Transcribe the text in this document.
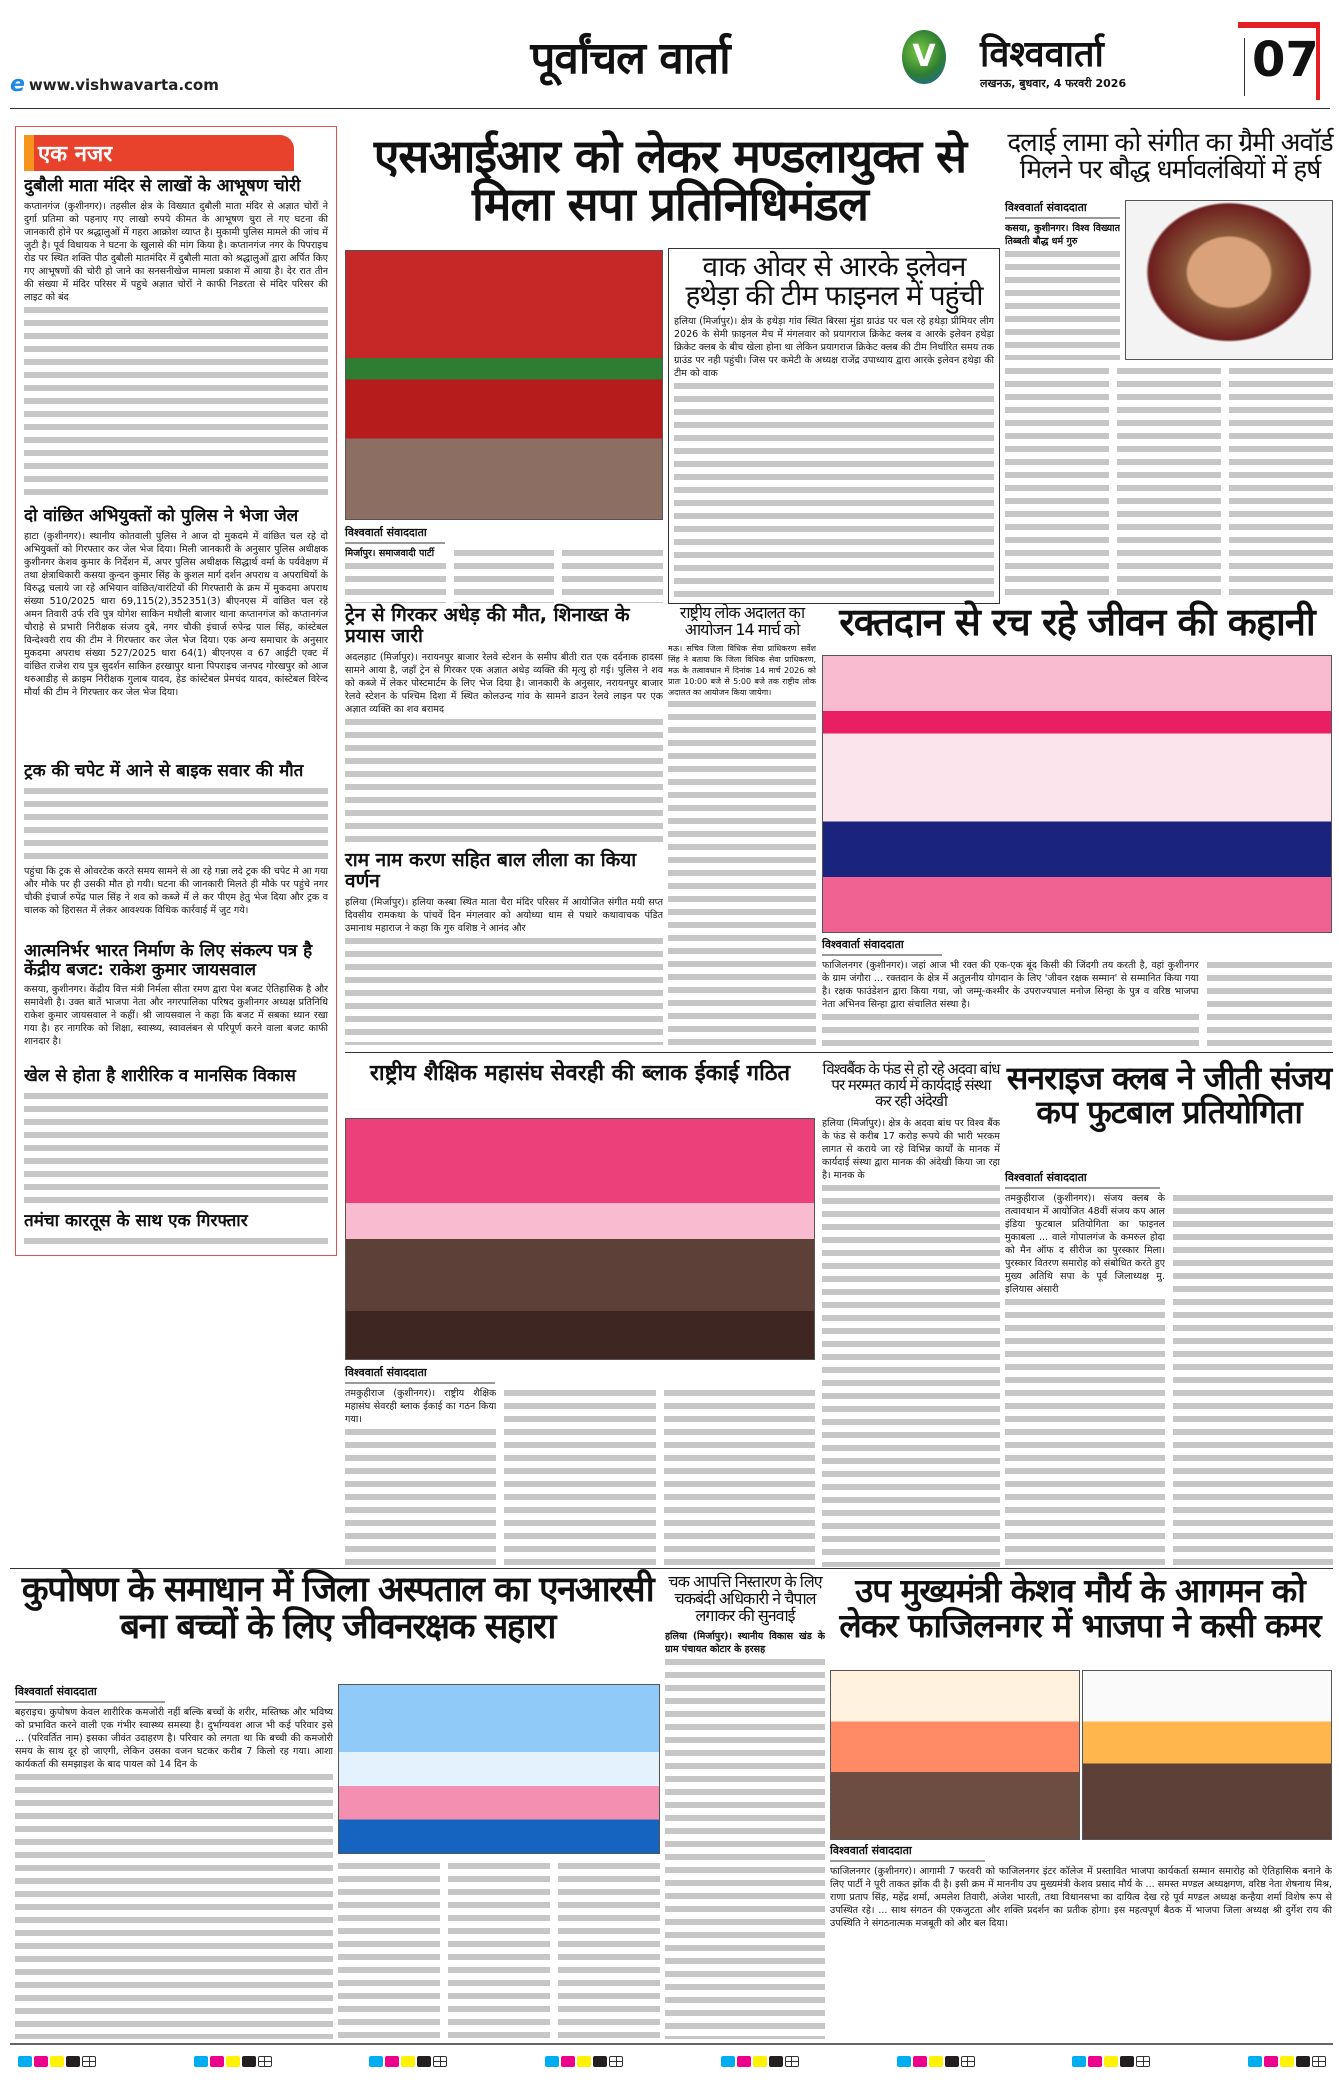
e www.vishwavarta.com
पूर्वांचल वार्ता	V विश्ववार्ता
लखनऊ, बुधवार, 4 फरवरी 2026	07
एक नजर
दुबौली माता मंदिर से लाखों के आभूषण चोरी
कप्तानगंज (कुशीनगर)। तहसील क्षेत्र के विख्यात दुबौली माता मंदिर से अज्ञात चोरों ने दुर्गा प्रतिमा को पहनाए गए लाखो रुपये कीमत के आभूषण चुरा ले गए घटना की जानकारी होने पर श्रद्धालुओं में गहरा आक्रोश व्याप्त है। मुकामी पुलिस मामले की जांच में जुटी है। पूर्व विधायक ने घटना के खुलासे की मांग किया है। कप्तानगंज नगर के पिपराइच रोड पर स्थित शक्ति पीठ दुबौली मातमंदिर में दुबौली माता को श्रद्धालुओं द्वारा अर्पित किए गए आभूषणों की चोरी हो जाने का सनसनीखेज मामला प्रकाश में आया है। देर रात तीन की संख्या में मंदिर परिसर में पहुचे अज्ञात चोरों ने काफी निडरता से मंदिर परिसर की लाइट को बंद
दो वांछित अभियुक्तों को पुलिस ने भेजा जेल
हाटा (कुशीनगर)। स्थानीय कोतवाली पुलिस ने आज दो मुकदमे में वांछित चल रहे दो अभियुक्तों को गिरफ्तार कर जेल भेज दिया। मिली जानकारी के अनुसार पुलिस अधीक्षक कुशीनगर केशव कुमार के निर्देशन में, अपर पुलिस अधीक्षक सिद्धार्थ वर्मा के पर्यवेक्षण में तथा क्षेत्राधिकारी कसया कुन्दन कुमार सिंह के कुशल मार्ग दर्शन अपराध व अपराधियों के विरुद्ध चलाये जा रहे अभियान वांछित/वारंटियों की गिरफ्तारी के क्रम में मुकदमा अपराध संख्या 510/2025 धारा 69,115(2),352351(3) बीएनएस में वांछित चल रहे अमन तिवारी उर्फ रवि पुत्र योगेश साकिन मथौली बाजार थाना कप्तानगंज को कप्तानगंज चौराहे से प्रभारी निरीक्षक संजय दुबे, नगर चौकी इंचार्ज रुपेन्द्र पाल सिंह, कांस्टेबल विन्देश्वरी राय की टीम ने गिरफ्तार कर जेल भेज दिया। एक अन्य समाचार के अनुसार मुकदमा अपराध संख्या 527/2025 धारा 64(1) बीएनएस व 67 आईटी एक्ट में वांछित राजेश राय पुत्र सुदर्शन साकिन हरखापुर थाना पिपराइच जनपद गोरखपुर को आज थरुआडीह से क्राइम निरीक्षक गुलाब यादव, हेड कांस्टेबल प्रेमचंद यादव, कांस्टेबल विरेन्द मौर्या की टीम ने गिरफ्तार कर जेल भेज दिया।
ट्रक की चपेट में आने से बाइक सवार की मौत
पहुंचा कि ट्रक से ओवरटेक करते समय सामने से आ रहे गन्ना लदे ट्रक की चपेट मे आ गया और मौके पर ही उसकी मौत हो गयी। घटना की जानकारी मिलते ही मौके पर पहुंचे नगर चौकी इंचार्ज रुपेंद्र पाल सिंह ने शव को कब्जे में ले कर पीएम हेतु भेज दिया और ट्रक व चालक को हिरासत में लेकर आवश्यक विधिक कार्रवाई में जुट गये।
आत्मनिर्भर भारत निर्माण के लिए संकल्प पत्र है केंद्रीय बजट: राकेश कुमार जायसवाल
कसया, कुशीनगर। केंद्रीय वित्त मंत्री निर्मला सीता रमण द्वारा पेश बजट ऐतिहासिक है और समावेशी है। उक्त बातें भाजपा नेता और नगरपालिका परिषद कुशीनगर अध्यक्ष प्रतिनिधि राकेश कुमार जायसवाल ने कहीं। श्री जायसवाल ने कहा कि बजट में सबका ध्यान रखा गया है। हर नागरिक को शिक्षा, स्वास्थ्य, स्वावलंबन से परिपूर्ण करने वाला बजट काफी शानदार है।
खेल से होता है शारीरिक व मानसिक विकास
तमंचा कारतूस के साथ एक गिरफ्तार
एसआईआर को लेकर मण्डलायुक्त से मिला सपा प्रतिनिधिमंडल
विश्ववार्ता संवाददाता
मिर्जापुर। समाजवादी पार्टी
वाक ओवर से आरके इलेवन हथेड़ा की टीम फाइनल में पहुंची
हलिया (मिर्जापुर)। क्षेत्र के हथेड़ा गांव स्थित बिरसा मुंडा ग्राउंड पर चल रहे हथेड़ा प्रीमियर लीग 2026 के सेमी फ़ाइनल मैच में मंगलवार को प्रयागराज क्रिकेट क्लब व आरके इलेवन हथेड़ा क्रिकेट क्लब के बीच खेला होना था लेकिन प्रयागराज क्रिकेट क्लब की टीम निर्धारित समय तक ग्राउंड पर नही पहुंची। जिस पर कमेटी के अध्यक्ष राजेंद्र उपाध्याय द्वारा आरके इलेवन हथेड़ा की टीम को वाक
दलाई लामा को संगीत का ग्रैमी अवॉर्ड मिलने पर बौद्ध धर्मावलंबियों में हर्ष
विश्ववार्ता संवाददाता
कसया, कुशीनगर। विश्व विख्यात तिब्बती बौद्ध धर्म गुरु
ट्रेन से गिरकर अधेड़ की मौत, शिनाख्त के प्रयास जारी
अदलहाट (मिर्जापुर)। नरायनपुर बाजार रेलवे स्टेशन के समीप बीती रात एक दर्दनाक हादसा सामने आया है, जहाँ ट्रेन से गिरकर एक अज्ञात अधेड़ व्यक्ति की मृत्यु हो गई। पुलिस ने शव को कब्जे में लेकर पोस्टमार्टम के लिए भेज दिया है। जानकारी के अनुसार, नरायनपुर बाजार रेलवे स्टेशन के पश्चिम दिशा में स्थित कोलउन्द गांव के सामने डाउन रेलवे लाइन पर एक अज्ञात व्यक्ति का शव बरामद
राम नाम करण सहित बाल लीला का किया वर्णन
हलिया (मिर्जापुर)। हलिया कस्बा स्थित माता चैरा मंदिर परिसर में आयोजित संगीत मयी सप्त दिवसीय रामकथा के पांचवें दिन मंगलवार को अयोध्या धाम से पधारे कथावाचक पंडित उमानाथ महाराज ने कहा कि गुरु वशिष्ठ ने आनंद और
राष्ट्रीय लोक अदालत का आयोजन 14 मार्च को
मऊ। सचिव जिला विधिक सेवा प्राधिकरण सर्वेश सिंह ने बताया कि जिला विधिक सेवा प्राधिकरण, मऊ के तत्वावधान में दिनांक 14 मार्च 2026 को प्रातः 10:00 बजे से 5:00 बजे तक राष्ट्रीय लोक अदालत का आयोजन किया जायेगा।
रक्तदान से रच रहे जीवन की कहानी
विश्ववार्ता संवाददाता
फाजिलनगर (कुशीनगर)। जहां आज भी रक्त की एक-एक बूंद किसी की जिंदगी तय करती है, वहां कुशीनगर के ग्राम जंगौरा ... रक्तदान के क्षेत्र में अतुलनीय योगदान के लिए 'जीवन रक्षक सम्मान' से सम्मानित किया गया है। रक्षक फाउंडेशन द्वारा किया गया, जो जम्मू-कश्मीर के उपराज्यपाल मनोज सिन्हा के पुत्र व वरिष्ठ भाजपा नेता अभिनव सिन्हा द्वारा संचालित संस्था है।
राष्ट्रीय शैक्षिक महासंघ सेवरही की ब्लाक ईकाई गठित
विश्ववार्ता संवाददाता
तमकुहीराज (कुशीनगर)। राष्ट्रीय शैक्षिक महासंघ सेवरही ब्लाक ईकाई का गठन किया गया।
विश्वबैंक के फंड से हो रहे अदवा बांध पर मरम्मत कार्य में कार्यदाई संस्था कर रही अंदेखी
हलिया (मिर्जापुर)। क्षेत्र के अदवा बांध पर विश्व बैंक के फंड से करीब 17 करोड़ रूपये की भारी भरकम लागत से कराये जा रहे विभिन्न कार्यों के मानक में कार्यदाई संस्था द्वारा मानक की अंदेखी किया जा रहा है। मानक के
सनराइज क्लब ने जीती संजय कप फुटबाल प्रतियोगिता
विश्ववार्ता संवाददाता
तमकुहीराज (कुशीनगर)। संजय क्लब के तत्वावधान में आयोजित 48वीं संजय कप आल इंडिया फुटबाल प्रतियोगिता का फाइनल मुकाबला ... वाले गोपालगंज के कमरुल होदा को मैन ऑफ द सीरीज का पुरस्कार मिला। पुरस्कार वितरण समारोह को संबोधित करते हुए मुख्य अतिथि सपा के पूर्व जिलाध्यक्ष मु. इलियास अंसारी
कुपोषण के समाधान में जिला अस्पताल का एनआरसी बना बच्चों के लिए जीवनरक्षक सहारा
विश्ववार्ता संवाददाता
बहराइच। कुपोषण केवल शारीरिक कमजोरी नहीं बल्कि बच्चों के शरीर, मस्तिष्क और भविष्य को प्रभावित करने वाली एक गंभीर स्वास्थ्य समस्या है। दुर्भाग्यवश आज भी कई परिवार इसे ... (परिवर्तित नाम) इसका जीवंत उदाहरण है। परिवार को लगता था कि बच्ची की कमजोरी समय के साथ दूर हो जाएगी, लेकिन उसका वजन घटकर करीब 7 किलो रह गया। आशा कार्यकर्ता की समझाइश के बाद पायल को 14 दिन के
चक आपत्ति निस्तारण के लिए चकबंदी अधिकारी ने चैपाल लगाकर की सुनवाई
हलिया (मिर्जापुर)। स्थानीय विकास खंड के ग्राम पंचायत कोटार के हरसह
उप मुख्यमंत्री केशव मौर्य के आगमन को लेकर फाजिलनगर में भाजपा ने कसी कमर
विश्ववार्ता संवाददाता
फाजिलनगर (कुशीनगर)। आगामी 7 फरवरी को फाजिलनगर इंटर कॉलेज में प्रस्तावित भाजपा कार्यकर्ता सम्मान समारोह को ऐतिहासिक बनाने के लिए पार्टी ने पूरी ताकत झोंक दी है। इसी क्रम में माननीय उप मुख्यमंत्री केशव प्रसाद मौर्य के ... समस्त मण्डल अध्यक्षगण, वरिष्ठ नेता शेषनाथ मिश्र, राणा प्रताप सिंह, महेंद्र शर्मा, अमलेश तिवारी, अंजेश भारती, तथा विधानसभा का दायित्व देख रहे पूर्व मण्डल अध्यक्ष कन्हैया शर्मा विशेष रूप से उपस्थित रहे। ... साथ संगठन की एकजुटता और शक्ति प्रदर्शन का प्रतीक होगा। इस महत्वपूर्ण बैठक में भाजपा जिला अध्यक्ष श्री दुर्गेश राय की उपस्थिति ने संगठनात्मक मजबूती को और बल दिया।
